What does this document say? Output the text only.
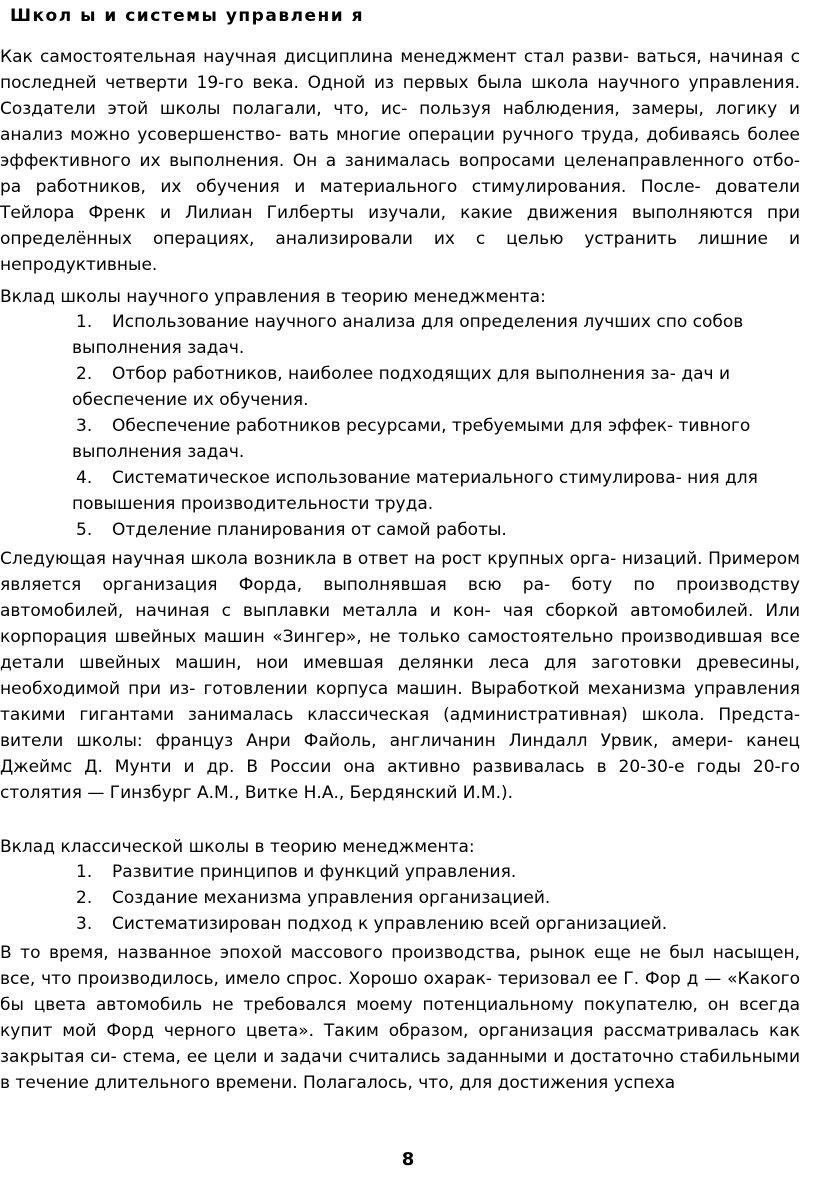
Школ ы и системы управлени я
Как самостоятельная научная дисциплина менеджмент стал разви- ваться, начиная с последней четверти 19-го века. Одной из первых была школа научного управления. Создатели этой школы полагали, что, ис- пользуя наблюдения, замеры, логику и анализ можно усовершенство- вать многие операции ручного труда, добиваясь более эффективного их выполнения. Он а занималась вопросами целенаправленного отбо- ра работников, их обучения и материального стимулирования. После- дователи Тейлора Френк и Лилиан Гилберты изучали, какие движения выполняются при определённых операциях, анализировали их с целью устранить лишние и непродуктивные.
Вклад школы научного управления в теорию менеджмента:
1. Использование научного анализа для определения лучших спо собов выполнения задач.
2. Отбор работников, наиболее подходящих для выполнения за- дач и обеспечение их обучения.
3. Обеспечение работников ресурсами, требуемыми для эффек- тивного выполнения задач.
4. Систематическое использование материального стимулирова- ния для повышения производительности труда.
5. Отделение планирования от самой работы.
Следующая научная школа возникла в ответ на рост крупных орга- низаций. Примером является организация Форда, выполнявшая всю ра- боту по производству автомобилей, начиная с выплавки металла и кон- чая сборкой автомобилей. Или корпорация швейных машин «Зингер», не только самостоятельно производившая все детали швейных машин, нои имевшая делянки леса для заготовки древесины, необходимой при из- готовлении корпуса машин. Выработкой механизма управления такими гигантами занималась классическая (административная) школа. Предста- вители школы: француз Анри Файоль, англичанин Линдалл Урвик, амери- канец Джеймс Д. Мунти и др. В России она активно развивалась в 20-30-е годы 20-го столятия — Гинзбург А.М., Витке Н.А., Бердянский И.М.).
Вклад классической школы в теорию менеджмента:
1. Развитие принципов и функций управления.
2. Создание механизма управления организацией.
3. Систематизирован подход к управлению всей организацией.
В то время, названное эпохой массового производства, рынок еще не был насыщен, все, что производилось, имело спрос. Хорошо охарак- теризовал ее Г. Фор д — «Какого бы цвета автомобиль не требовался моему потенциальному покупателю, он всегда купит мой Форд черного цвета». Таким образом, организация рассматривалась как закрытая си- стема, ее цели и задачи считались заданными и достаточно стабильными в течение длительного времени. Полагалось, что, для достижения успеха
8
